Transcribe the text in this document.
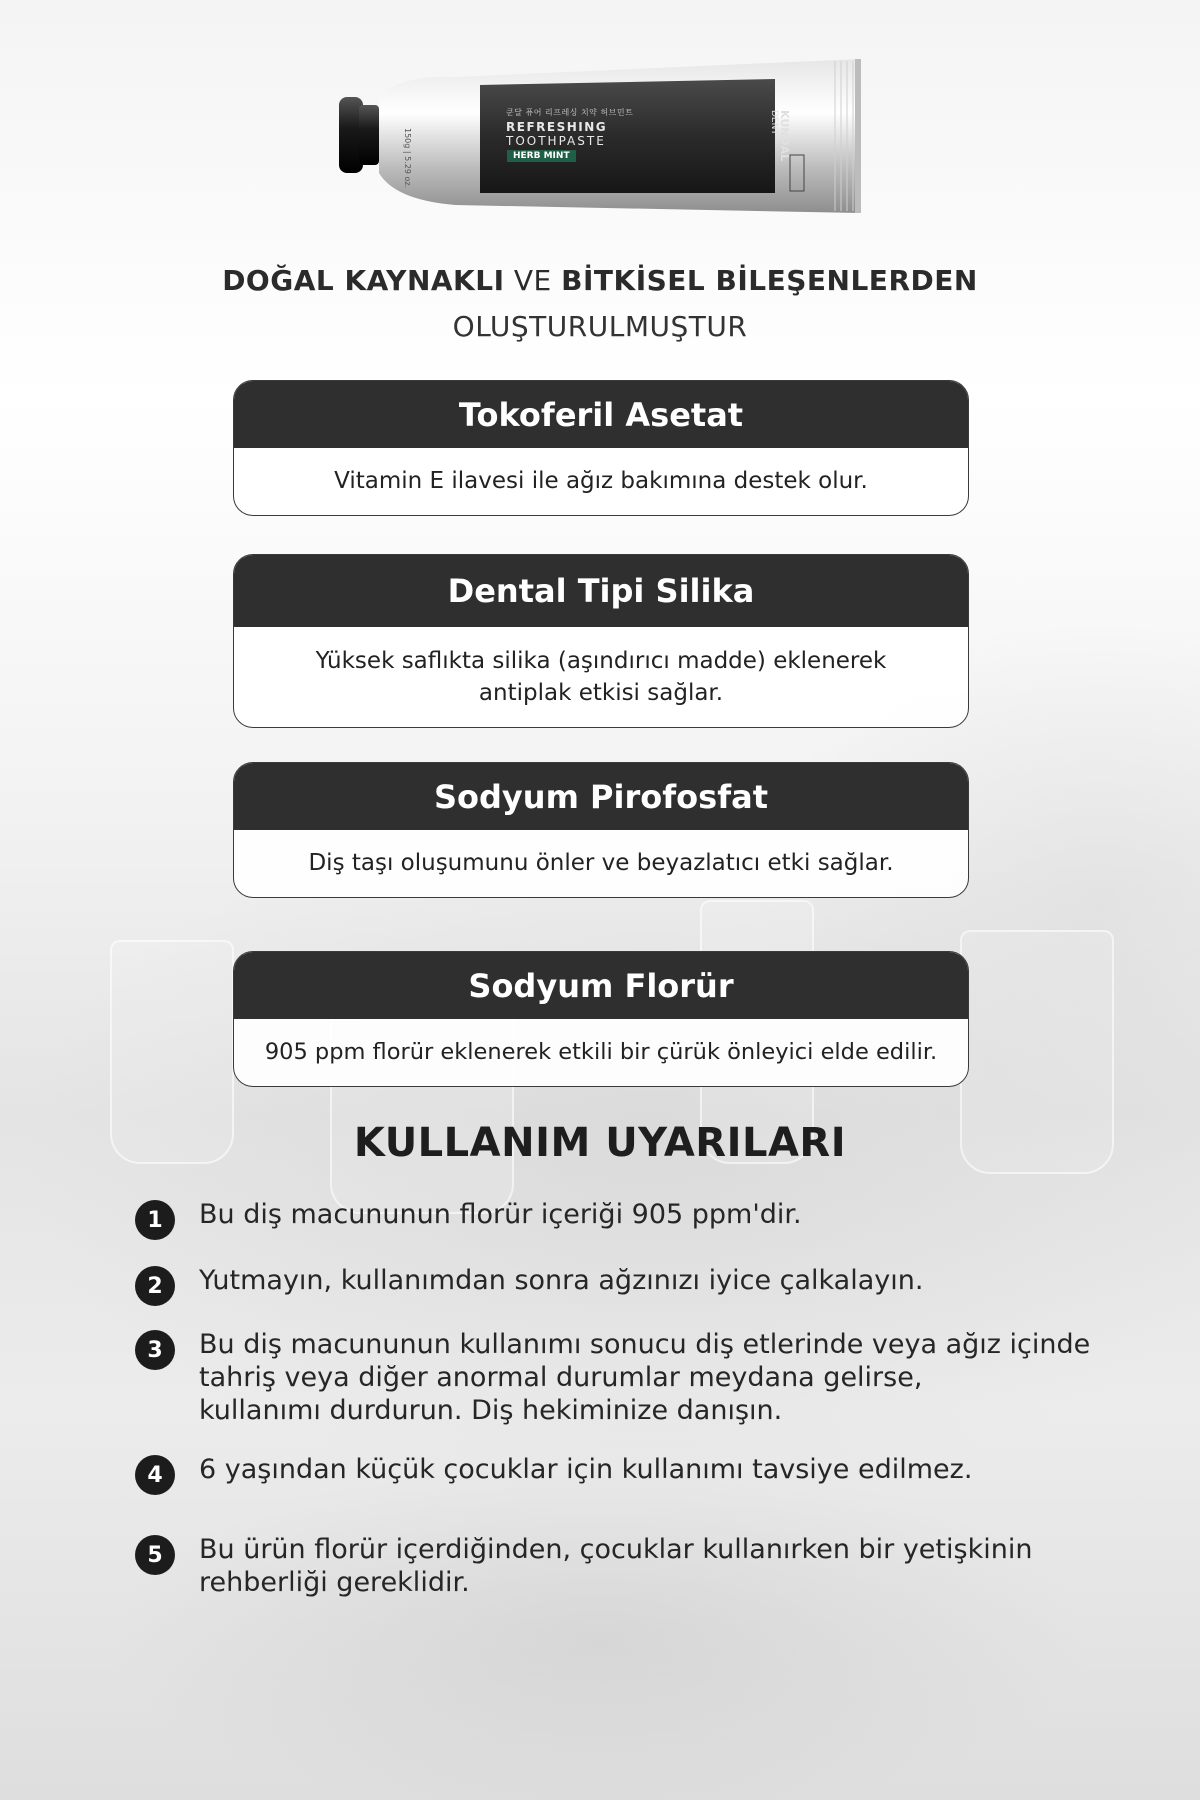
쿤달 퓨어 리프레싱 치약 허브민트
REFRESHING
TOOTHPASTE
HERB MINT	KUNDAL
DENT
150g | 5.29 oz.
DOĞAL KAYNAKLI VE BİTKİSEL BİLEŞENLERDEN
OLUŞTURULMUŞTUR
Tokoferil Asetat
Vitamin E ilavesi ile ağız bakımına destek olur.
Dental Tipi Silika
Yüksek saflıkta silika (aşındırıcı madde) eklenerek
antiplak etkisi sağlar.
Sodyum Pirofosfat
Diş taşı oluşumunu önler ve beyazlatıcı etki sağlar.
Sodyum Florür
905 ppm florür eklenerek etkili bir çürük önleyici elde edilir.
KULLANIM UYARILARI
1	Bu diş macununun florür içeriği 905 ppm'dir.
2	Yutmayın, kullanımdan sonra ağzınızı iyice çalkalayın.
3	Bu diş macununun kullanımı sonucu diş etlerinde veya ağız içinde
tahriş veya diğer anormal durumlar meydana gelirse,
kullanımı durdurun. Diş hekiminize danışın.
4	6 yaşından küçük çocuklar için kullanımı tavsiye edilmez.
5	Bu ürün florür içerdiğinden, çocuklar kullanırken bir yetişkinin
rehberliği gereklidir.
